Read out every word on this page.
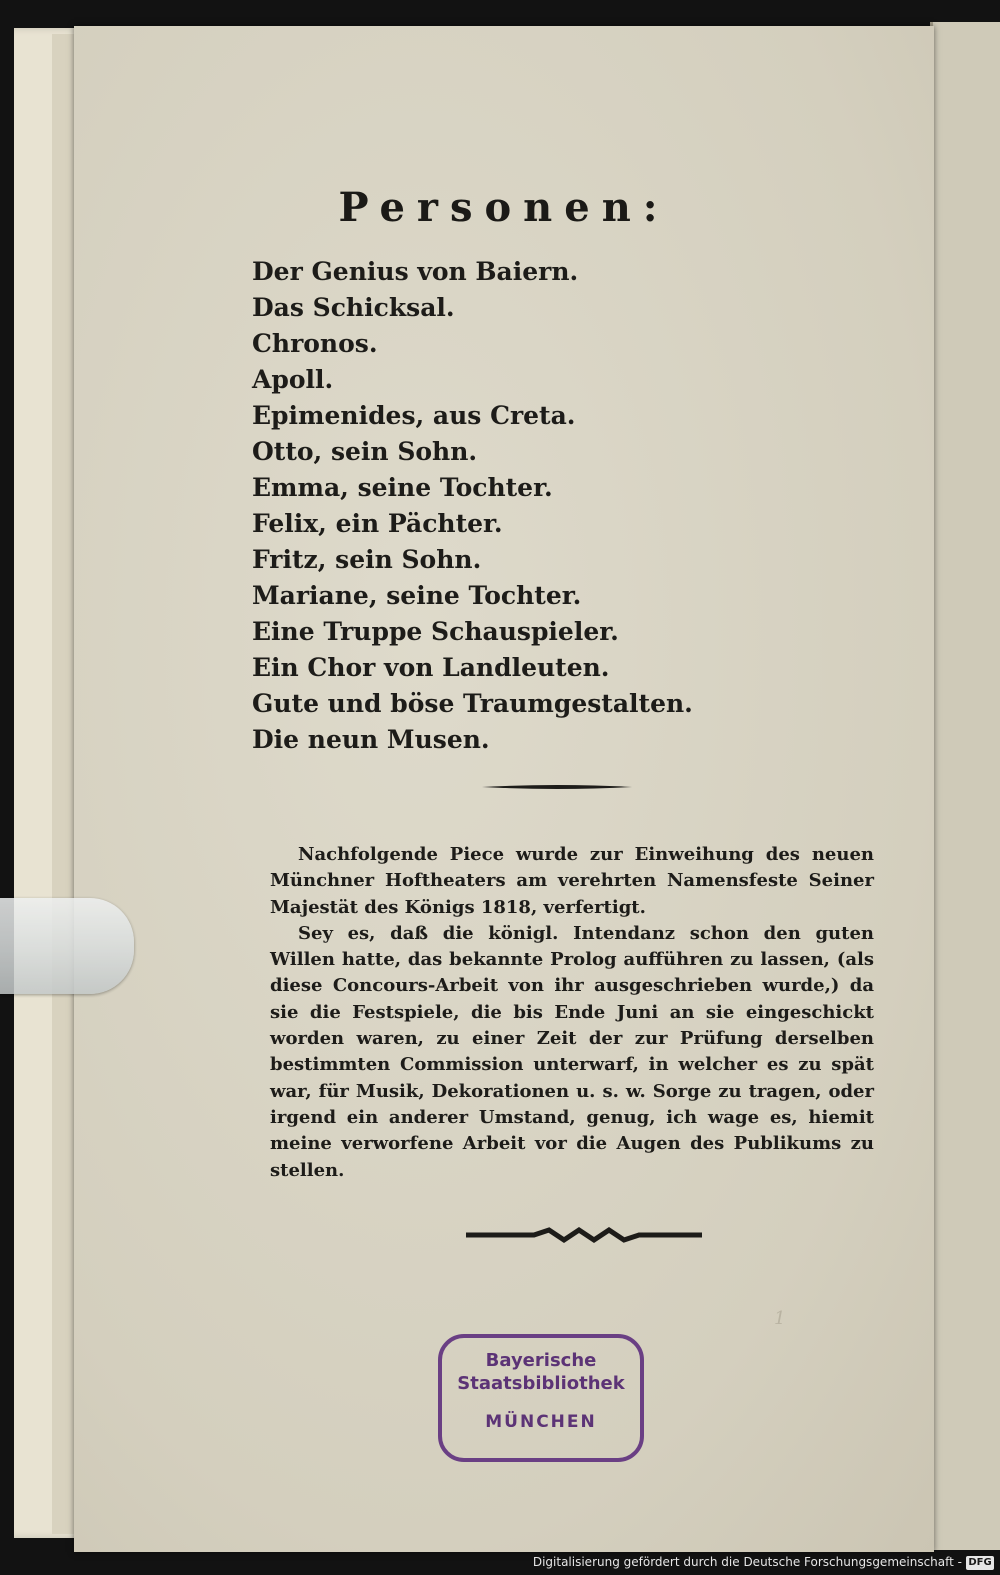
Personen:
Der Genius von Baiern.
Das Schicksal.
Chronos.
Apoll.
Epimenides, aus Creta.
Otto, sein Sohn.
Emma, seine Tochter.
Felix, ein Pächter.
Fritz, sein Sohn.
Mariane, seine Tochter.
Eine Truppe Schauspieler.
Ein Chor von Landleuten.
Gute und böse Traumgestalten.
Die neun Musen.

Nachfolgende Piece wurde zur Einweihung des neuen Münchner Hoftheaters am verehrten Namensfeste Seiner Majestät des Königs 1818, verfertigt.

Sey es, daß die königl. Intendanz schon den guten Willen hatte, das bekannte Prolog aufführen zu lassen, (als diese Concours-Arbeit von ihr ausgeschrieben wurde,) da sie die Festspiele, die bis Ende Juni an sie eingeschickt worden waren, zu einer Zeit der zur Prüfung derselben bestimmten Commission unterwarf, in welcher es zu spät war, für Musik, Dekorationen u. s. w. Sorge zu tragen, oder irgend ein anderer Umstand, genug, ich wage es, hiemit meine verworfene Arbeit vor die Augen des Publikums zu stellen.

1
Bayerische
Staatsbibliothek
MÜNCHEN
Digitalisierung gefördert durch die Deutsche Forschungsgemeinschaft - DFG
